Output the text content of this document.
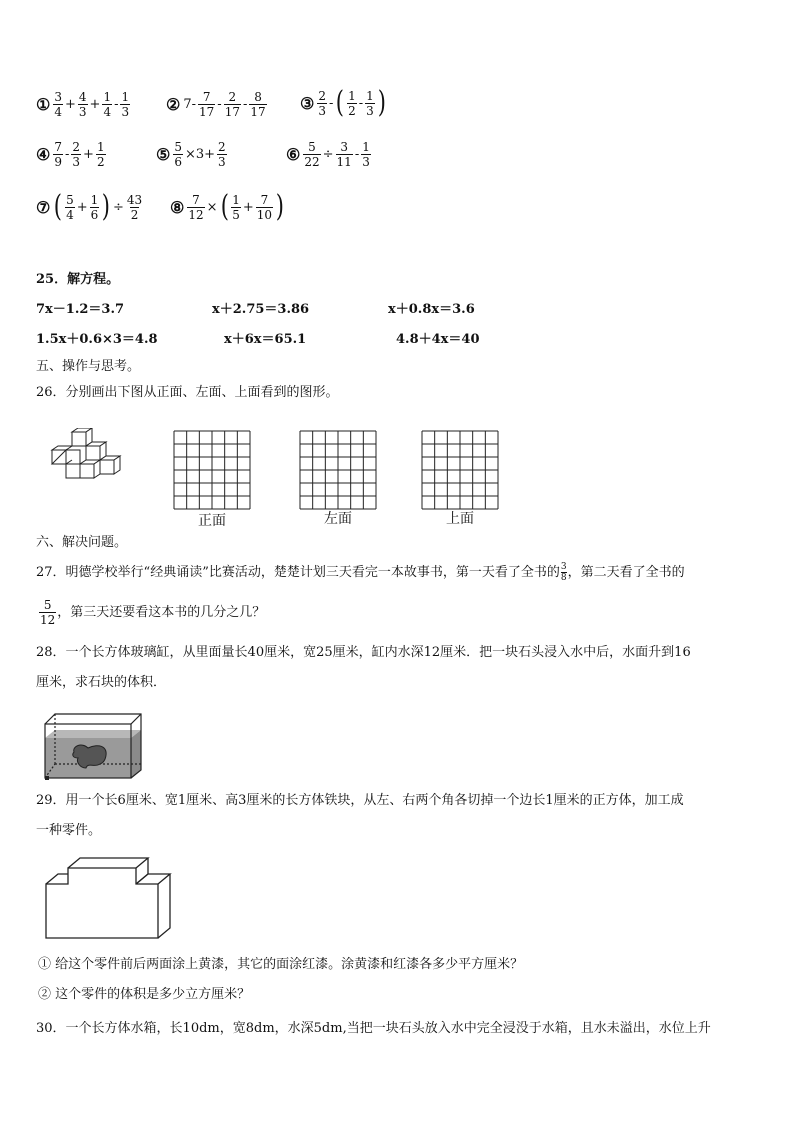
① $\frac{3}{4} + \frac{4}{3} + \frac{1}{4} - \frac{1}{3}$ ② $7- \frac{7}{17} - \frac{2}{17} - \frac{8}{17}$ ③ $\frac{2}{3}$ - ( $\frac{1}{2} - \frac{1}{3}$ )
④ $\frac{7}{9} - \frac{2}{3} + \frac{1}{2}$	⑤ $\frac{5}{6} \times 3+ \frac{2}{3}$	⑥ $\frac{5}{22} \div \frac{3}{11} - \frac{1}{3}$
⑦ ( $\frac{5}{4} + \frac{1}{6}$ ) ÷ $\frac{43}{2}$ ⑧ $\frac{7}{12}$ × ( $\frac{1}{5} + \frac{7}{10}$ )
25．解方程。
7x－1.2＝3.7	x＋2.75＝3.86	x＋0.8x＝3.6
1.5x＋0.6×3＝4.8	x＋6x＝65.1	4.8＋4x＝40
五、操作与思考。
26．分别画出下图从正面、左面、上面看到的图形。
正面	左面	上面
六、解决问题。
27．明德学校举行“经典诵读”比赛活动，楚楚计划三天看完一本故事书，第一天看了全书的 $\frac{3}{8}$ ，第二天看了全书的
$\frac{5}{12}$ ，第三天还要看这本书的几分之几？
28．一个长方体玻璃缸，从里面量长40厘米，宽25厘米，缸内水深12厘米．把一块石头浸入水中后，水面升到16
厘米，求石块的体积．
29．用一个长6厘米、宽1厘米、高3厘米的长方体铁块，从左、右两个角各切掉一个边长1厘米的正方体，加工成
一种零件。
① 给这个零件前后两面涂上黄漆，其它的面涂红漆。涂黄漆和红漆各多少平方厘米？
② 这个零件的体积是多少立方厘米？
30．一个长方体水箱，长10dm，宽8dm，水深5dm,当把一块石头放入水中完全浸没于水箱，且水未溢出，水位上升
